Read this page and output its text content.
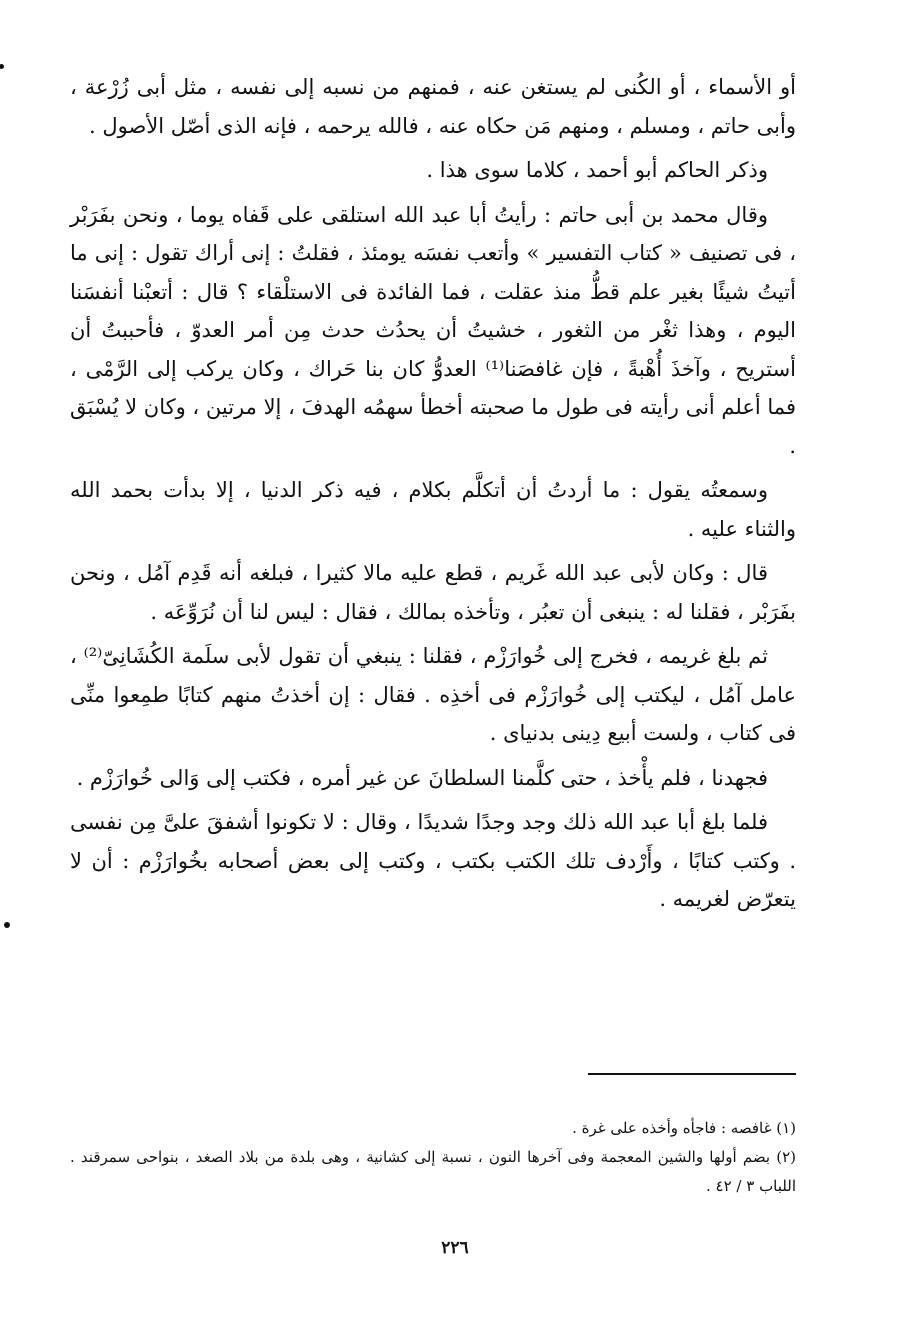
أو الأسماء ، أو الكُنى لم يستغن عنه ، فمنهم من نسبه إلى نفسه ، مثل أبى زُرْعة ، وأبى حاتم ، ومسلم ، ومنهم مَن حكاه عنه ، فالله يرحمه ، فإنه الذى أصّل الأصول .

وذكر الحاكم أبو أحمد ، كلاما سوى هذا .

وقال محمد بن أبى حاتم : رأيتُ أبا عبد الله استلقى على قَفاه يوما ، ونحن بفَرَبْر ، فى تصنيف « كتاب التفسير » وأتعب نفسَه يومئذ ، فقلتُ : إنى أراك تقول : إنى ما أتيتُ شيئًا بغير علم قطُّ منذ عقلت ، فما الفائدة فى الاستلْقاء ؟ قال : أتعبْنا أنفسَنا اليوم ، وهذا ثغْر من الثغور ، خشيتُ أن يحدُث حدث مِن أمر العدوّ ، فأحببتُ أن أستريح ، وآخذَ أُهْبةً ، فإن غافصَنا⁽¹⁾ العدوُّ كان بنا حَراك ، وكان يركب إلى الرَّمْى ، فما أعلم أنى رأيته فى طول ما صحبته أخطأ سهمُه الهدفَ ، إلا مرتين ، وكان لا يُسْبَق .

وسمعتُه يقول : ما أردتُ أن أتكلَّم بكلام ، فيه ذكر الدنيا ، إلا بدأت بحمد الله والثناء عليه .

قال : وكان لأبى عبد الله غَريم ، قطع عليه مالا كثيرا ، فبلغه أنه قَدِم آمُل ، ونحن بفَرَبْر ، فقلنا له : ينبغى أن تعبُر ، وتأخذه بمالك ، فقال : ليس لنا أن نُرَوِّعَه .

ثم بلغ غريمه ، فخرج إلى خُوارَزْم ، فقلنا : ينبغي أن تقول لأبى سلَمة الكُشَانِىّ⁽²⁾ ، عامل آمُل ، ليكتب إلى خُوارَزْم فى أخذِه . فقال : إن أخذتُ منهم كتابًا طمِعوا منِّى فى كتاب ، ولست أبيع دِينى بدنياى .

فجهدنا ، فلم يأْخذ ، حتى كلَّمنا السلطانَ عن غير أمره ، فكتب إلى وَالى خُوارَزْم .

فلما بلغ أبا عبد الله ذلك وجد وجدًا شديدًا ، وقال : لا تكونوا أشفقَ علىَّ مِن نفسى . وكتب كتابًا ، وأَرْدف تلك الكتب بكتب ، وكتب إلى بعض أصحابه بخُوارَزْم : أن لا يتعرّض لغريمه .

(١) غافصه : فاجأه وأخذه على غرة .

(٢) بضم أولها والشين المعجمة وفى آخرها النون ، نسبة إلى كشانية ، وهى بلدة من بلاد الصغد ، بنواحى سمرقند . اللباب ٣ / ٤٢ .

٢٢٦
